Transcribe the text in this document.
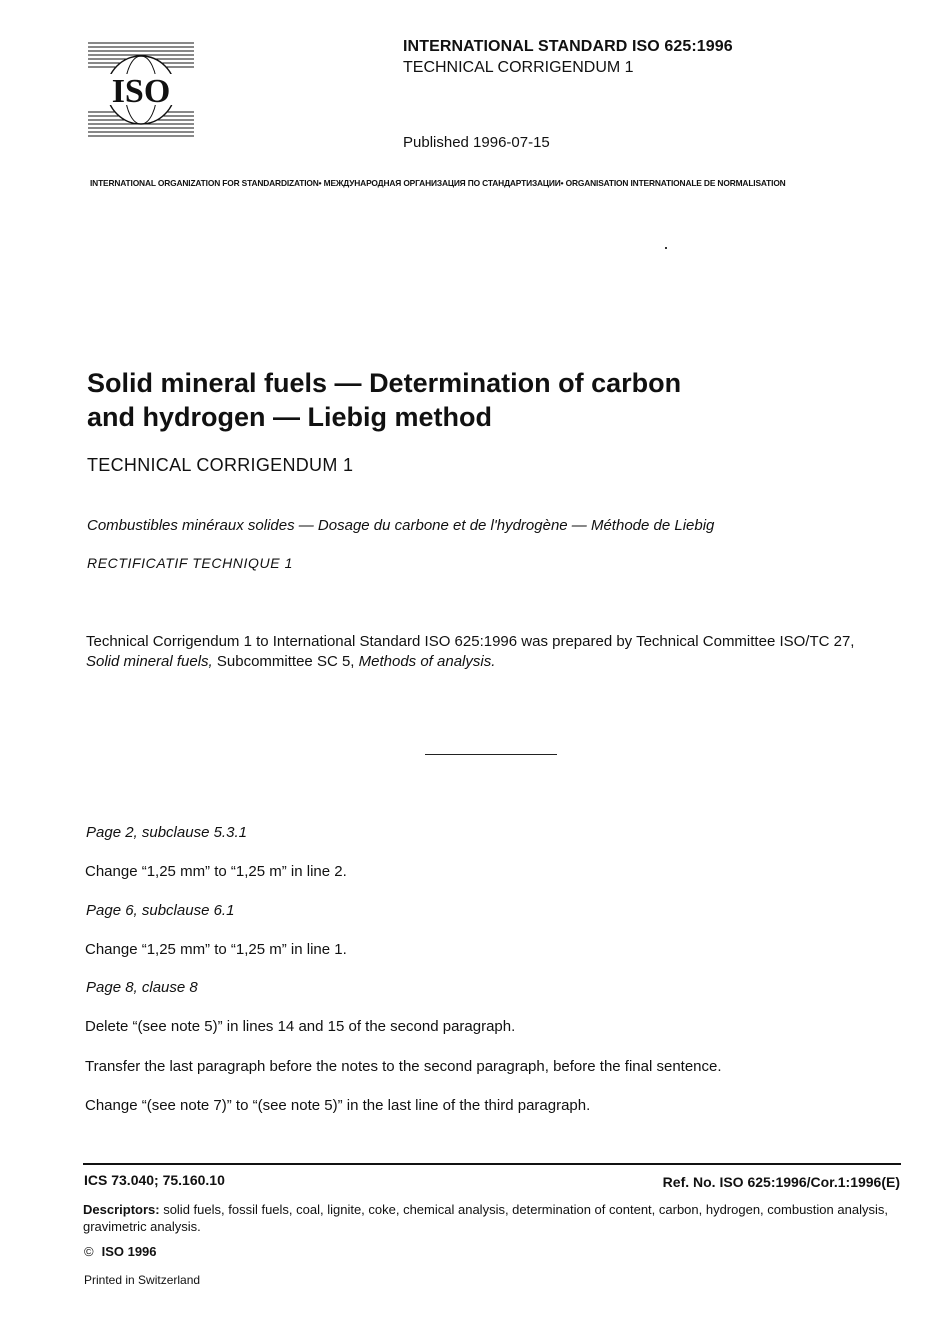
ISO
INTERNATIONAL STANDARD ISO 625:1996
TECHNICAL CORRIGENDUM 1
Published 1996-07-15
INTERNATIONAL ORGANIZATION FOR STANDARDIZATION• МЕЖДУНАРОДНАЯ ОРГАНИЗАЦИЯ ПО СТАНДАРТИЗАЦИИ• ORGANISATION INTERNATIONALE DE NORMALISATION
Solid mineral fuels — Determination of carbon
and hydrogen — Liebig method
TECHNICAL CORRIGENDUM 1
Combustibles minéraux solides — Dosage du carbone et de l'hydrogène — Méthode de Liebig
RECTIFICATIF TECHNIQUE 1
Technical Corrigendum 1 to International Standard ISO 625:1996 was prepared by Technical Committee ISO/TC 27,
Solid mineral fuels, Subcommittee SC 5, Methods of analysis.
Page 2, subclause 5.3.1
Change “1,25 mm” to “1,25 m” in line 2.
Page 6, subclause 6.1
Change “1,25 mm” to “1,25 m” in line 1.
Page 8, clause 8
Delete “(see note 5)” in lines 14 and 15 of the second paragraph.
Transfer the last paragraph before the notes to the second paragraph, before the final sentence.
Change “(see note 7)” to “(see note 5)” in the last line of the third paragraph.
ICS 73.040; 75.160.10	Ref. No. ISO 625:1996/Cor.1:1996(E)
Descriptors: solid fuels, fossil fuels, coal, lignite, coke, chemical analysis, determination of content, carbon, hydrogen, combustion analysis, gravimetric analysis.
© ISO 1996
Printed in Switzerland
